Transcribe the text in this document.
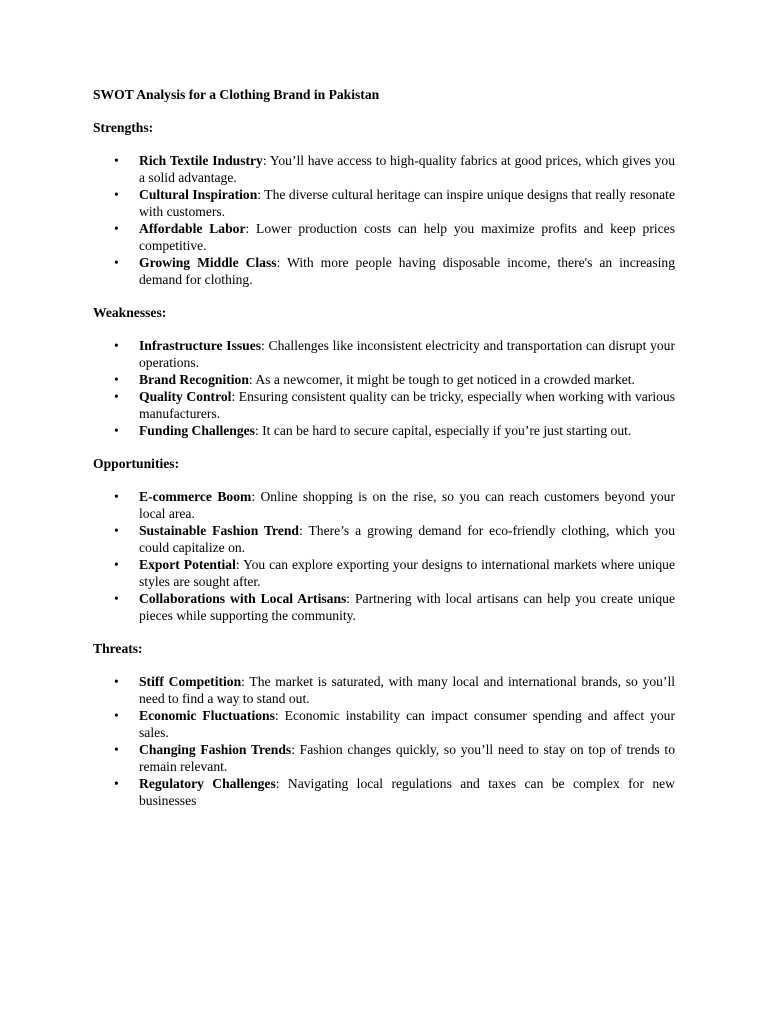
SWOT Analysis for a Clothing Brand in Pakistan
Strengths:
• Rich Textile Industry: You’ll have access to high-quality fabrics at good prices, which gives you a solid advantage.
• Cultural Inspiration: The diverse cultural heritage can inspire unique designs that really resonate with customers.
• Affordable Labor: Lower production costs can help you maximize profits and keep prices competitive.
• Growing Middle Class: With more people having disposable income, there's an increasing demand for clothing.
Weaknesses:
• Infrastructure Issues: Challenges like inconsistent electricity and transportation can disrupt your operations.
• Brand Recognition: As a newcomer, it might be tough to get noticed in a crowded market.
• Quality Control: Ensuring consistent quality can be tricky, especially when working with various manufacturers.
• Funding Challenges: It can be hard to secure capital, especially if you’re just starting out.
Opportunities:
• E-commerce Boom: Online shopping is on the rise, so you can reach customers beyond your local area.
• Sustainable Fashion Trend: There’s a growing demand for eco-friendly clothing, which you could capitalize on.
• Export Potential: You can explore exporting your designs to international markets where unique styles are sought after.
• Collaborations with Local Artisans: Partnering with local artisans can help you create unique pieces while supporting the community.
Threats:
• Stiff Competition: The market is saturated, with many local and international brands, so you’ll need to find a way to stand out.
• Economic Fluctuations: Economic instability can impact consumer spending and affect your sales.
• Changing Fashion Trends: Fashion changes quickly, so you’ll need to stay on top of trends to remain relevant.
• Regulatory Challenges: Navigating local regulations and taxes can be complex for new businesses
